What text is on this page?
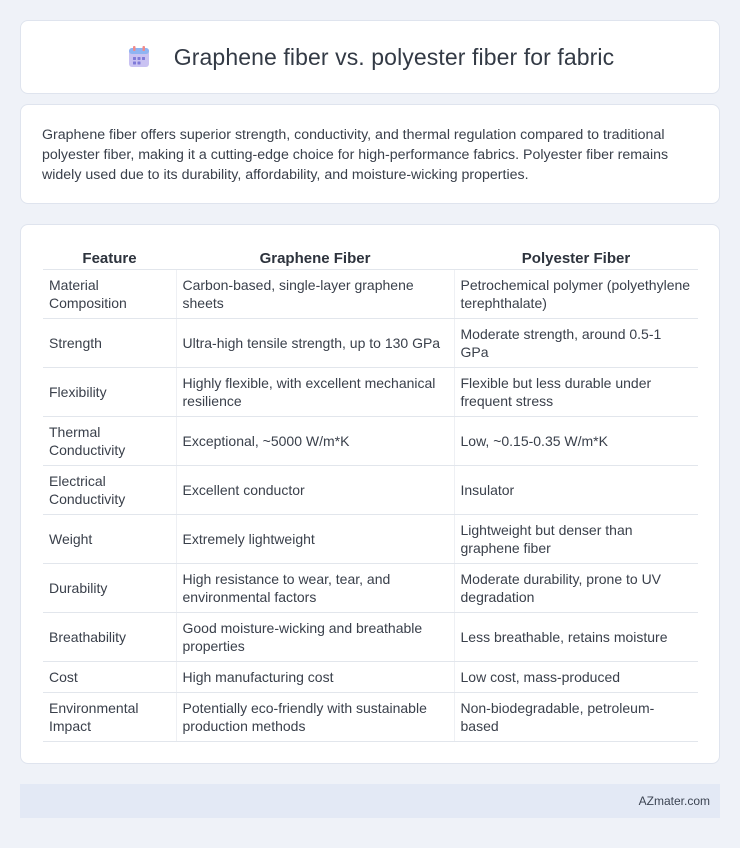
Graphene fiber vs. polyester fiber for fabric

Graphene fiber offers superior strength, conductivity, and thermal regulation compared to traditional polyester fiber, making it a cutting-edge choice for high-performance fabrics. Polyester fiber remains widely used due to its durability, affordability, and moisture-wicking properties.

Feature	Graphene Fiber	Polyester Fiber
Material Composition	Carbon-based, single-layer graphene sheets	Petrochemical polymer (polyethylene terephthalate)
Strength	Ultra-high tensile strength, up to 130 GPa	Moderate strength, around 0.5-1 GPa
Flexibility	Highly flexible, with excellent mechanical resilience	Flexible but less durable under frequent stress
Thermal Conductivity	Exceptional, ~5000 W/m*K	Low, ~0.15-0.35 W/m*K
Electrical Conductivity	Excellent conductor	Insulator
Weight	Extremely lightweight	Lightweight but denser than graphene fiber
Durability	High resistance to wear, tear, and environmental factors	Moderate durability, prone to UV degradation
Breathability	Good moisture-wicking and breathable properties	Less breathable, retains moisture
Cost	High manufacturing cost	Low cost, mass-produced
Environmental Impact	Potentially eco-friendly with sustainable production methods	Non-biodegradable, petroleum-based
AZmater.com
